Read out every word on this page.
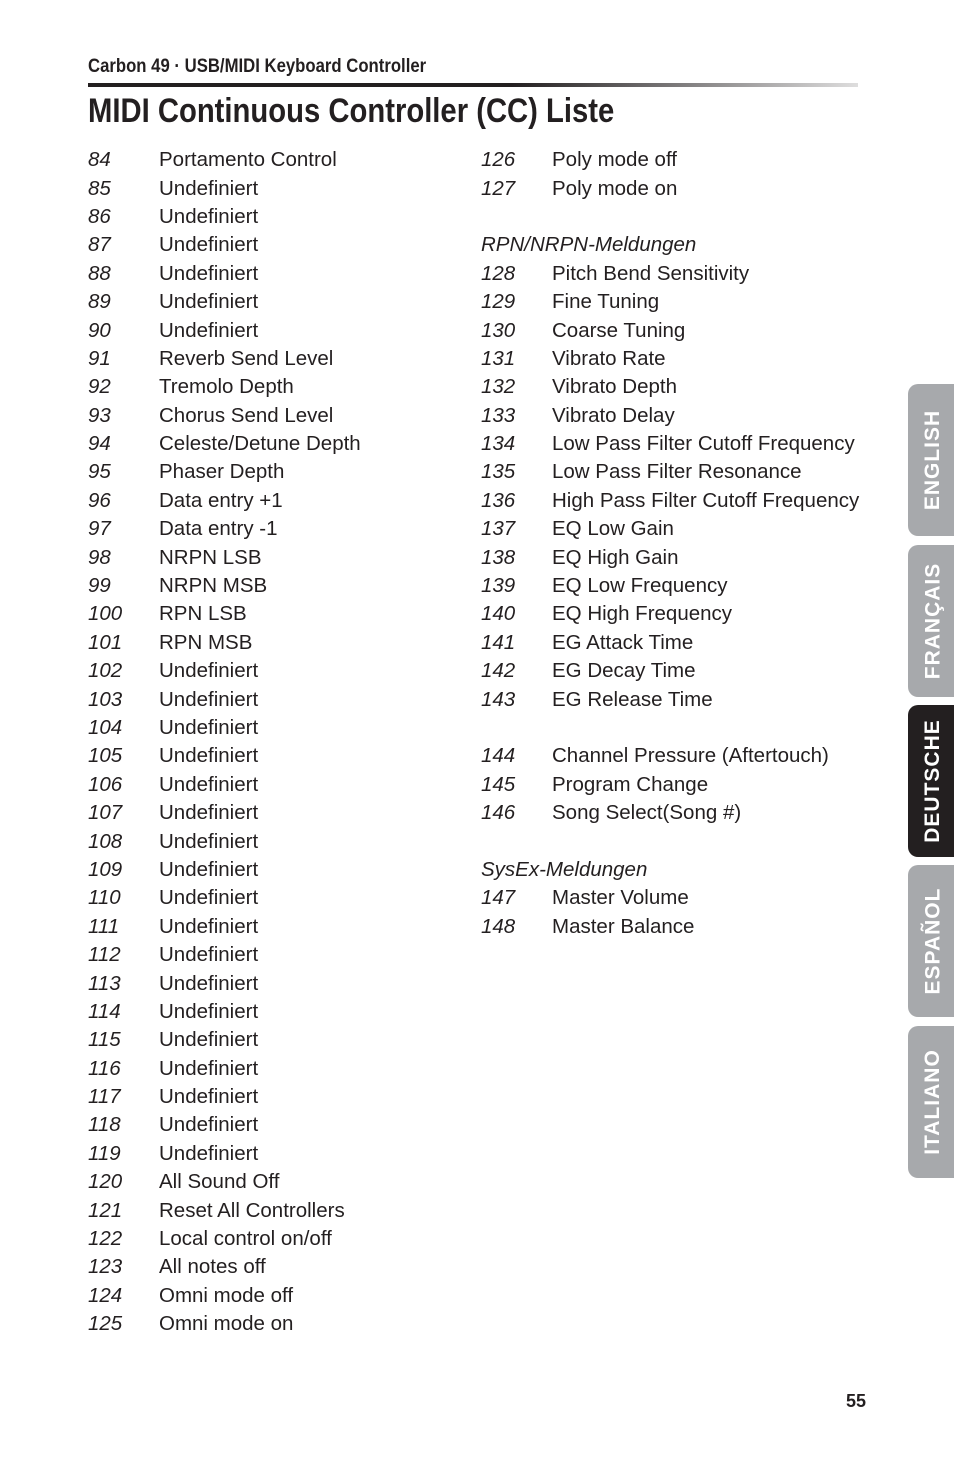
Carbon 49 · USB/MIDI Keyboard Controller
MIDI Continuous Controller (CC) Liste
84	Portamento Control
85	Undefiniert
86	Undefiniert
87	Undefiniert
88	Undefiniert
89	Undefiniert
90	Undefiniert
91	Reverb Send Level
92	Tremolo Depth
93	Chorus Send Level
94	Celeste/Detune Depth
95	Phaser Depth
96	Data entry +1
97	Data entry -1
98	NRPN LSB
99	NRPN MSB
100	RPN LSB
101	RPN MSB
102	Undefiniert
103	Undefiniert
104	Undefiniert
105	Undefiniert
106	Undefiniert
107	Undefiniert
108	Undefiniert
109	Undefiniert
110	Undefiniert
111	Undefiniert
112	Undefiniert
113	Undefiniert
114	Undefiniert
115	Undefiniert
116	Undefiniert
117	Undefiniert
118	Undefiniert
119	Undefiniert
120	All Sound Off
121	Reset All Controllers
122	Local control on/off
123	All notes off
124	Omni mode off
125	Omni mode on
126	Poly mode off
127	Poly mode on
RPN/NRPN-Meldungen
128	Pitch Bend Sensitivity
129	Fine Tuning
130	Coarse Tuning
131	Vibrato Rate
132	Vibrato Depth
133	Vibrato Delay
134	Low Pass Filter Cutoff Frequency
135	Low Pass Filter Resonance
136	High Pass Filter Cutoff Frequency
137	EQ Low Gain
138	EQ High Gain
139	EQ Low Frequency
140	EQ High Frequency
141	EG Attack Time
142	EG Decay Time
143	EG Release Time
144	Channel Pressure (Aftertouch)
145	Program Change
146	Song Select(Song #)
SysEx-Meldungen
147	Master Volume
148	Master Balance
ENGLISH
FRANÇAIS
DEUTSCHE
ESPAÑOL
ITALIANO
55
